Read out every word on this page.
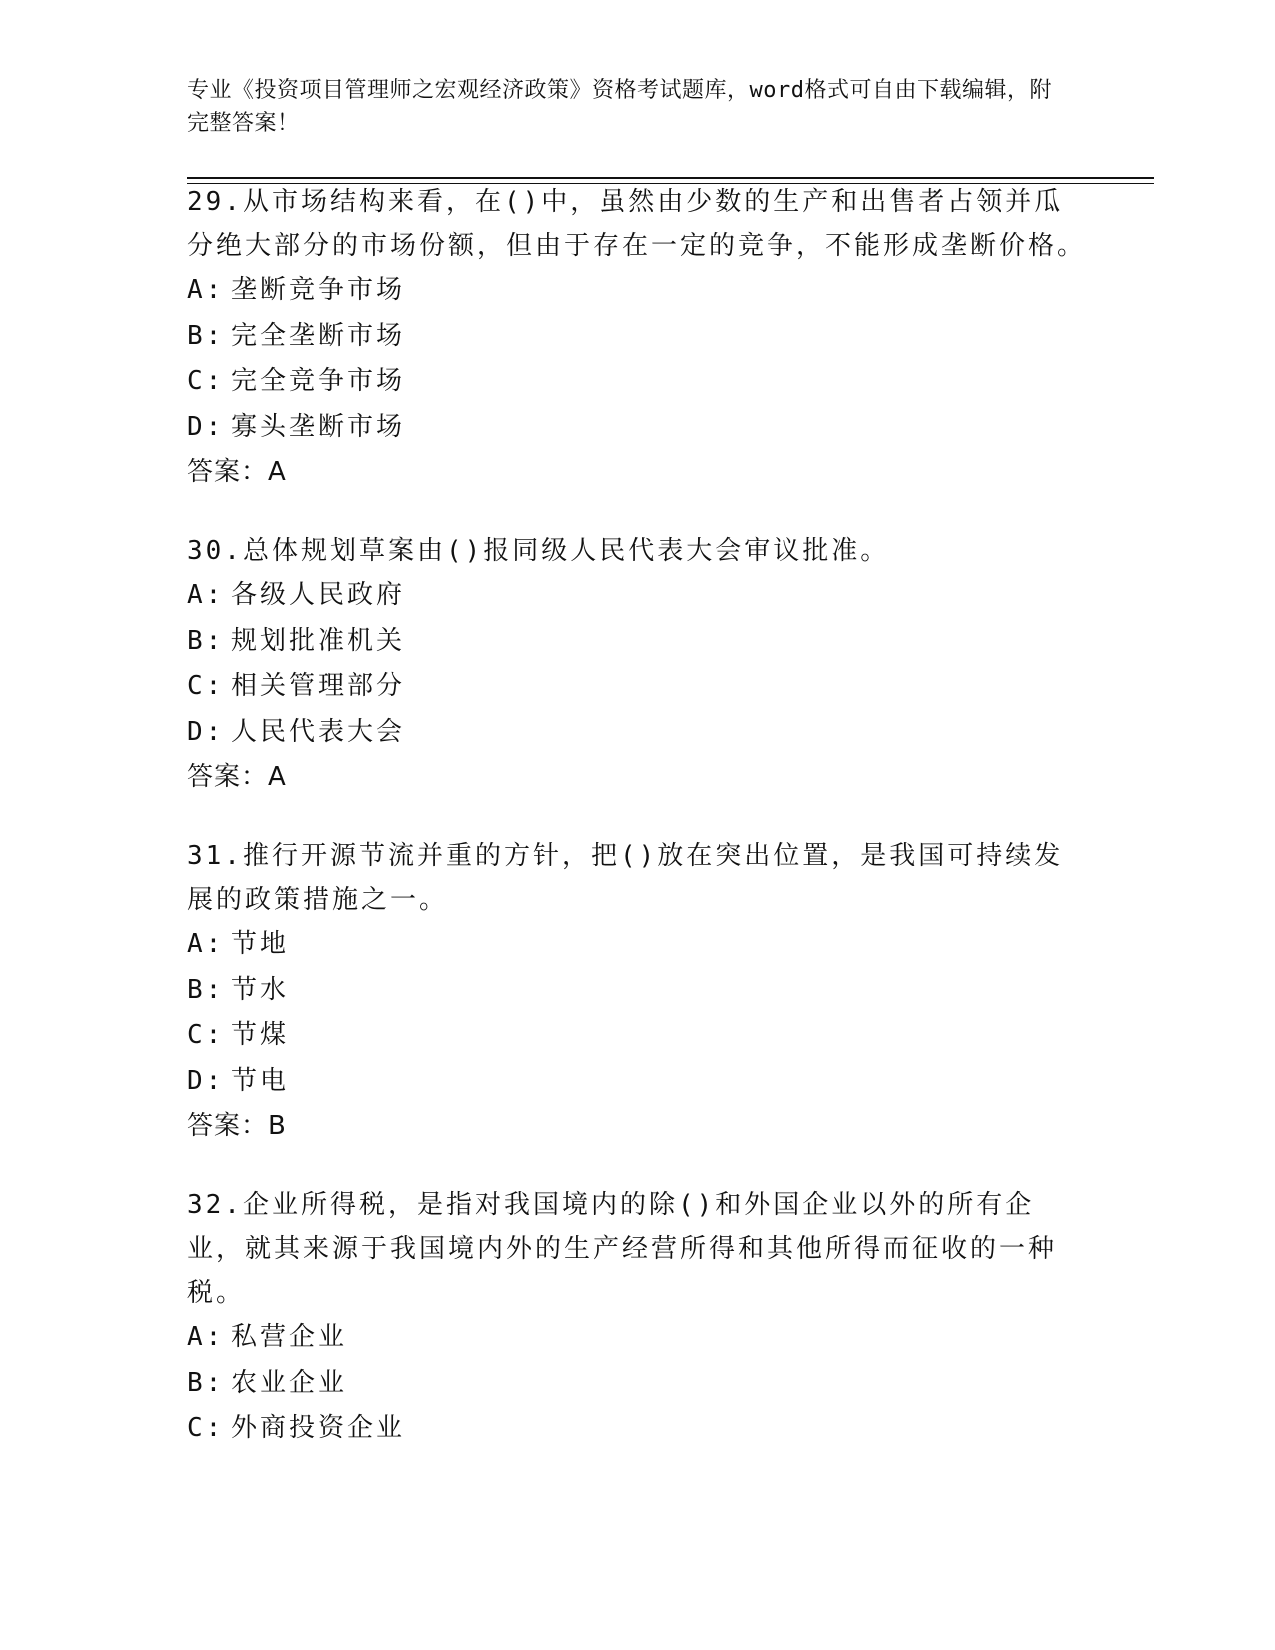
专业《投资项目管理师之宏观经济政策》资格考试题库，word格式可自由下载编辑，附完整答案！

29.从市场结构来看，在()中，虽然由少数的生产和出售者占领并瓜分绝大部分的市场份额，但由于存在一定的竞争，不能形成垄断价格。

A: 垄断竞争市场
B: 完全垄断市场
C: 完全竞争市场
D: 寡头垄断市场
答案：A

30.总体规划草案由()报同级人民代表大会审议批准。

A: 各级人民政府
B: 规划批准机关
C: 相关管理部分
D: 人民代表大会
答案：A

31.推行开源节流并重的方针，把()放在突出位置，是我国可持续发展的政策措施之一。

A: 节地
B: 节水
C: 节煤
D: 节电
答案：B

32.企业所得税，是指对我国境内的除()和外国企业以外的所有企业，就其来源于我国境内外的生产经营所得和其他所得而征收的一种税。

A: 私营企业
B: 农业企业
C: 外商投资企业
